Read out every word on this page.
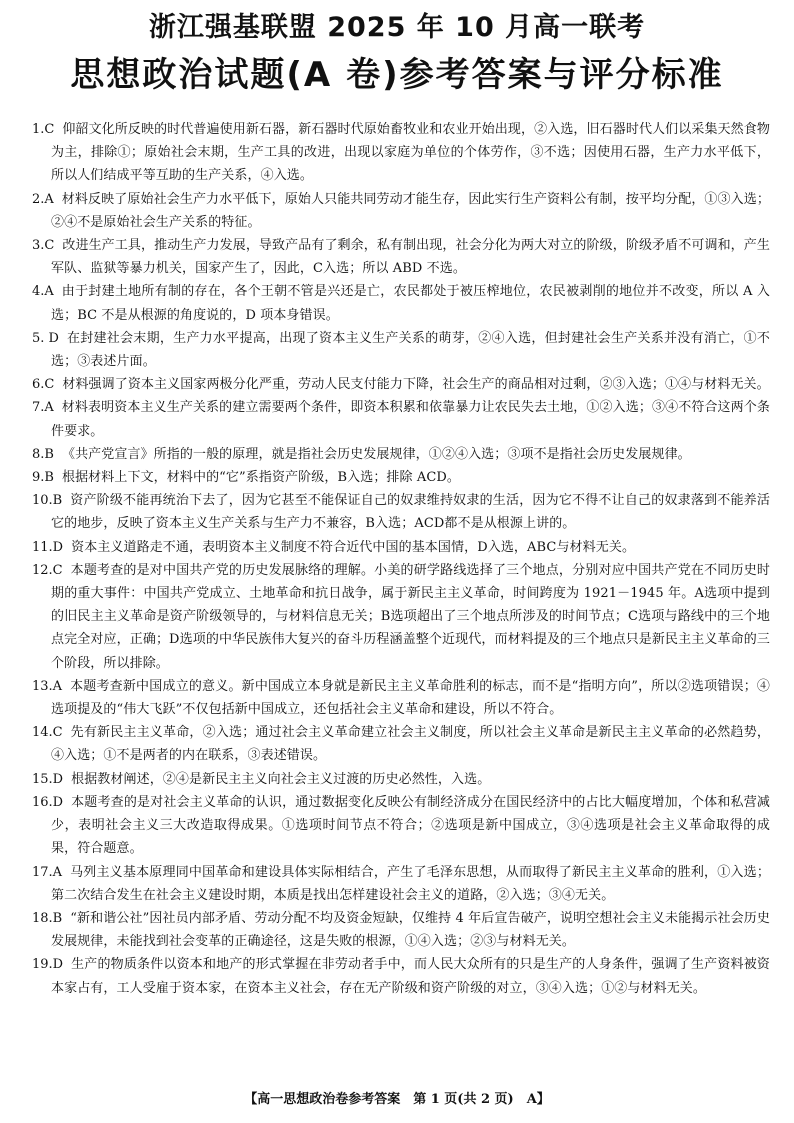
浙江强基联盟 2025 年 10 月高一联考
思想政治试题(A 卷)参考答案与评分标准
1.C 仰韶文化所反映的时代普遍使用新石器，新石器时代原始畜牧业和农业开始出现，②入选，旧石器时代人们以采集天然食物为主，排除①；原始社会末期，生产工具的改进，出现以家庭为单位的个体劳作，③不选；因使用石器，生产力水平低下，所以人们结成平等互助的生产关系，④入选。
2.A 材料反映了原始社会生产力水平低下，原始人只能共同劳动才能生存，因此实行生产资料公有制，按平均分配，①③入选；②④不是原始社会生产关系的特征。
3.C 改进生产工具，推动生产力发展，导致产品有了剩余，私有制出现，社会分化为两大对立的阶级，阶级矛盾不可调和，产生军队、监狱等暴力机关，国家产生了，因此，C入选；所以 ABD 不选。
4.A 由于封建土地所有制的存在，各个王朝不管是兴还是亡，农民都处于被压榨地位，农民被剥削的地位并不改变，所以 A 入选；BC 不是从根源的角度说的，D 项本身错误。
5. D 在封建社会末期，生产力水平提高，出现了资本主义生产关系的萌芽，②④入选，但封建社会生产关系并没有消亡，①不选；③表述片面。
6.C 材料强调了资本主义国家两极分化严重，劳动人民支付能力下降，社会生产的商品相对过剩，②③入选；①④与材料无关。
7.A 材料表明资本主义生产关系的建立需要两个条件，即资本积累和依靠暴力让农民失去土地，①②入选；③④不符合这两个条件要求。
8.B 《共产党宣言》所指的一般的原理，就是指社会历史发展规律，①②④入选；③项不是指社会历史发展规律。
9.B 根据材料上下文，材料中的“它”系指资产阶级，B入选；排除 ACD。
10.B 资产阶级不能再统治下去了，因为它甚至不能保证自己的奴隶维持奴隶的生活，因为它不得不让自己的奴隶落到不能养活它的地步，反映了资本主义生产关系与生产力不兼容，B入选；ACD都不是从根源上讲的。
11.D 资本主义道路走不通，表明资本主义制度不符合近代中国的基本国情，D入选，ABC与材料无关。
12.C 本题考查的是对中国共产党的历史发展脉络的理解。小美的研学路线选择了三个地点，分别对应中国共产党在不同历史时期的重大事件：中国共产党成立、土地革命和抗日战争，属于新民主主义革命，时间跨度为 1921－1945 年。A选项中提到的旧民主主义革命是资产阶级领导的，与材料信息无关；B选项超出了三个地点所涉及的时间节点；C选项与路线中的三个地点完全对应，正确；D选项的中华民族伟大复兴的奋斗历程涵盖整个近现代，而材料提及的三个地点只是新民主主义革命的三个阶段，所以排除。
13.A 本题考查新中国成立的意义。新中国成立本身就是新民主主义革命胜利的标志，而不是“指明方向”，所以②选项错误；④选项提及的“伟大飞跃”不仅包括新中国成立，还包括社会主义革命和建设，所以不符合。
14.C 先有新民主主义革命，②入选；通过社会主义革命建立社会主义制度，所以社会主义革命是新民主主义革命的必然趋势，④入选；①不是两者的内在联系，③表述错误。
15.D 根据教材阐述，②④是新民主主义向社会主义过渡的历史必然性，入选。
16.D 本题考查的是对社会主义革命的认识，通过数据变化反映公有制经济成分在国民经济中的占比大幅度增加，个体和私营减少，表明社会主义三大改造取得成果。①选项时间节点不符合；②选项是新中国成立，③④选项是社会主义革命取得的成果，符合题意。
17.A 马列主义基本原理同中国革命和建设具体实际相结合，产生了毛泽东思想，从而取得了新民主主义革命的胜利，①入选；第二次结合发生在社会主义建设时期，本质是找出怎样建设社会主义的道路，②入选；③④无关。
18.B “新和谐公社”因社员内部矛盾、劳动分配不均及资金短缺，仅维持 4 年后宣告破产，说明空想社会主义未能揭示社会历史发展规律，未能找到社会变革的正确途径，这是失败的根源，①④入选；②③与材料无关。
19.D 生产的物质条件以资本和地产的形式掌握在非劳动者手中，而人民大众所有的只是生产的人身条件，强调了生产资料被资本家占有，工人受雇于资本家，在资本主义社会，存在无产阶级和资产阶级的对立，③④入选；①②与材料无关。
【高一思想政治卷参考答案　第 1 页(共 2 页)　A】
